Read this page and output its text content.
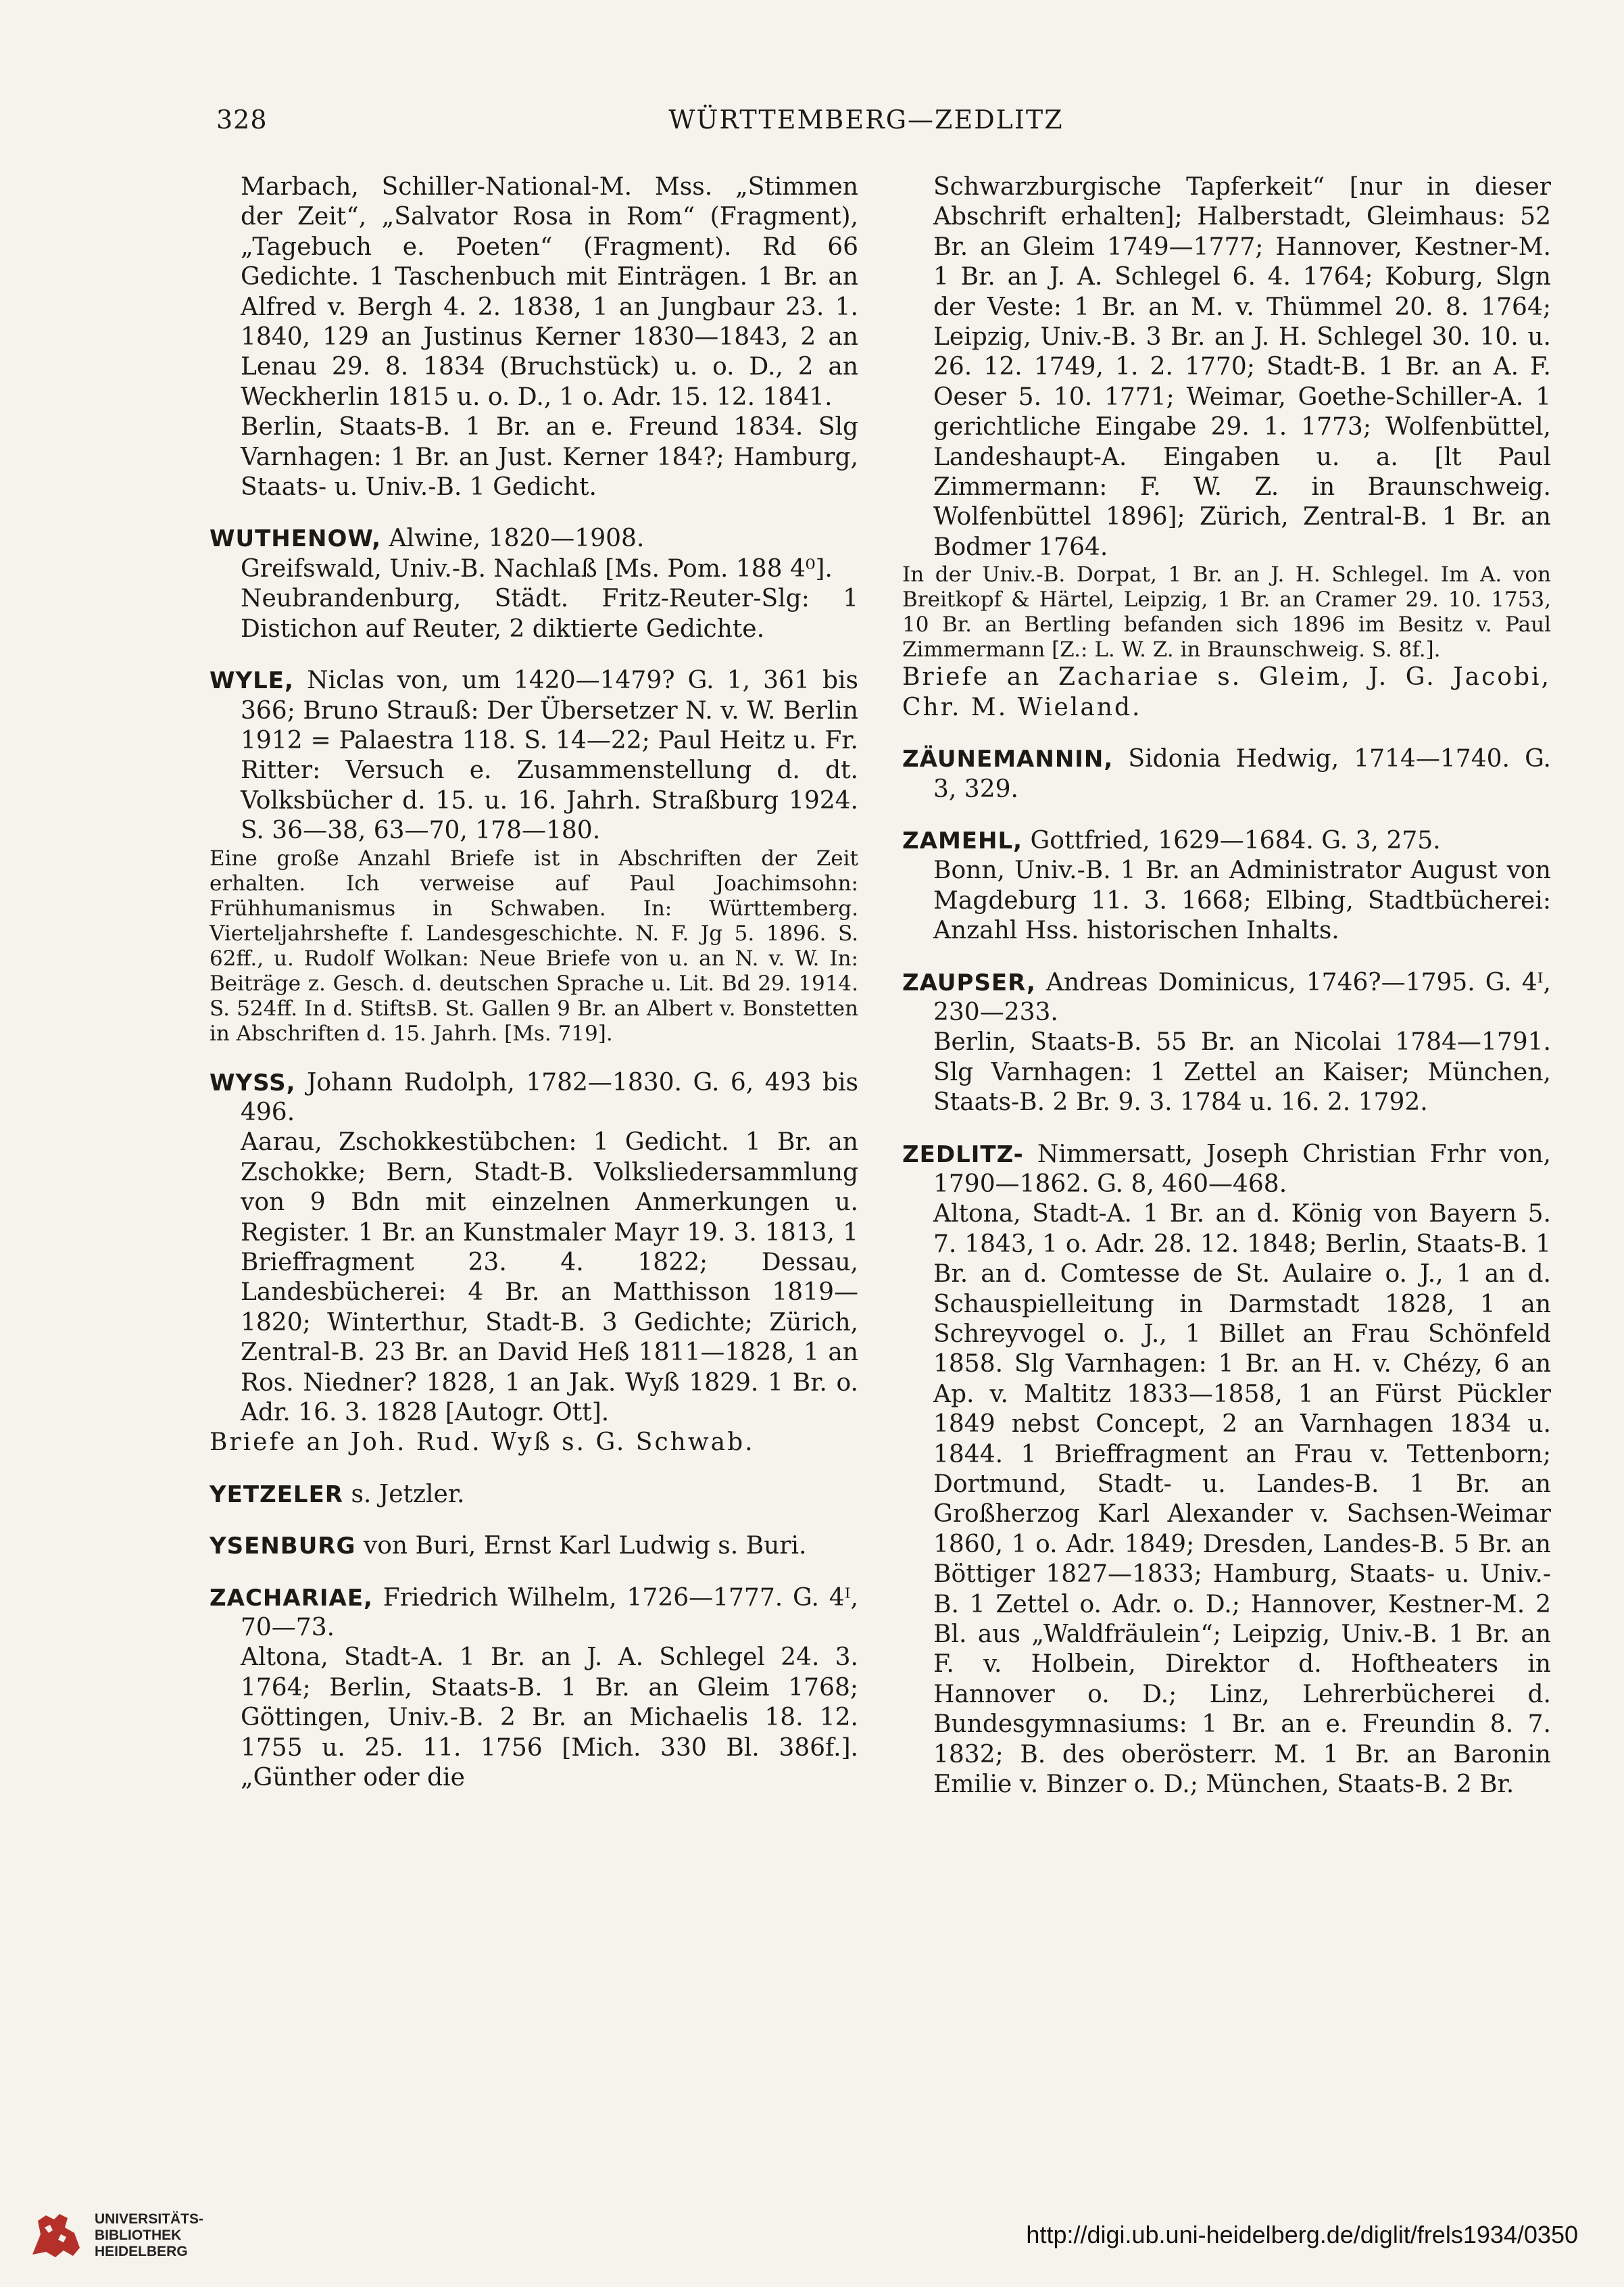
328	WÜRTTEMBERG—ZEDLITZ

Marbach, Schiller-National-M. Mss. „Stimmen der Zeit“, „Salvator Rosa in Rom“ (Fragment), „Tagebuch e. Poeten“ (Fragment). Rd 66 Gedichte. 1 Taschenbuch mit Einträgen. 1 Br. an Alfred v. Bergh 4. 2. 1838, 1 an Jungbaur 23. 1. 1840, 129 an Justinus Kerner 1830—1843, 2 an Lenau 29. 8. 1834 (Bruchstück) u. o. D., 2 an Weckherlin 1815 u. o. D., 1 o. Adr. 15. 12. 1841.

Berlin, Staats-B. 1 Br. an e. Freund 1834. Slg Varnhagen: 1 Br. an Just. Kerner 184?; Hamburg, Staats- u. Univ.-B. 1 Gedicht.

WUTHENOW, Alwine, 1820—1908.

Greifswald, Univ.-B. Nachlaß [Ms. Pom. 188 4⁰].

Neubrandenburg, Städt. Fritz-Reuter-Slg: 1 Distichon auf Reuter, 2 diktierte Gedichte.

WYLE, Niclas von, um 1420—1479? G. 1, 361 bis 366; Bruno Strauß: Der Übersetzer N. v. W. Berlin 1912 = Palaestra 118. S. 14—22; Paul Heitz u. Fr. Ritter: Versuch e. Zusammenstellung d. dt. Volksbücher d. 15. u. 16. Jahrh. Straßburg 1924. S. 36—38, 63—70, 178—180.

Eine große Anzahl Briefe ist in Abschriften der Zeit erhalten. Ich verweise auf Paul Joachimsohn: Frühhumanismus in Schwaben. In: Württemberg. Vierteljahrshefte f. Landesgeschichte. N. F. Jg 5. 1896. S. 62ff., u. Rudolf Wolkan: Neue Briefe von u. an N. v. W. In: Beiträge z. Gesch. d. deutschen Sprache u. Lit. Bd 29. 1914. S. 524ff. In d. StiftsB. St. Gallen 9 Br. an Albert v. Bonstetten in Abschriften d. 15. Jahrh. [Ms. 719].

WYSS, Johann Rudolph, 1782—1830. G. 6, 493 bis 496.

Aarau, Zschokkestübchen: 1 Gedicht. 1 Br. an Zschokke; Bern, Stadt-B. Volksliedersammlung von 9 Bdn mit einzelnen Anmerkungen u. Register. 1 Br. an Kunstmaler Mayr 19. 3. 1813, 1 Brieffragment 23. 4. 1822; Dessau, Landesbücherei: 4 Br. an Matthisson 1819—1820; Winterthur, Stadt-B. 3 Gedichte; Zürich, Zentral-B. 23 Br. an David Heß 1811—1828, 1 an Ros. Niedner? 1828, 1 an Jak. Wyß 1829. 1 Br. o. Adr. 16. 3. 1828 [Autogr. Ott].

Briefe an Joh. Rud. Wyß s. G. Schwab.

YETZELER s. Jetzler.

YSENBURG von Buri, Ernst Karl Ludwig s. Buri.

ZACHARIAE, Friedrich Wilhelm, 1726—1777. G. 4ᴵ, 70—73.

Altona, Stadt-A. 1 Br. an J. A. Schlegel 24. 3. 1764; Berlin, Staats-B. 1 Br. an Gleim 1768; Göttingen, Univ.-B. 2 Br. an Michaelis 18. 12. 1755 u. 25. 11. 1756 [Mich. 330 Bl. 386f.]. „Günther oder die

Schwarzburgische Tapferkeit“ [nur in dieser Abschrift erhalten]; Halberstadt, Gleimhaus: 52 Br. an Gleim 1749—1777; Hannover, Kestner-M. 1 Br. an J. A. Schlegel 6. 4. 1764; Koburg, Slgn der Veste: 1 Br. an M. v. Thümmel 20. 8. 1764; Leipzig, Univ.-B. 3 Br. an J. H. Schlegel 30. 10. u. 26. 12. 1749, 1. 2. 1770; Stadt-B. 1 Br. an A. F. Oeser 5. 10. 1771; Weimar, Goethe-Schiller-A. 1 gerichtliche Eingabe 29. 1. 1773; Wolfenbüttel, Landeshaupt-A. Eingaben u. a. [lt Paul Zimmermann: F. W. Z. in Braunschweig. Wolfenbüttel 1896]; Zürich, Zentral-B. 1 Br. an Bodmer 1764.

In der Univ.-B. Dorpat, 1 Br. an J. H. Schlegel. Im A. von Breitkopf & Härtel, Leipzig, 1 Br. an Cramer 29. 10. 1753, 10 Br. an Bertling befanden sich 1896 im Besitz v. Paul Zimmermann [Z.: L. W. Z. in Braunschweig. S. 8f.].

Briefe an Zachariae s. Gleim, J. G. Jacobi, Chr. M. Wieland.

ZÄUNEMANNIN, Sidonia Hedwig, 1714—1740. G. 3, 329.

ZAMEHL, Gottfried, 1629—1684. G. 3, 275.

Bonn, Univ.-B. 1 Br. an Administrator August von Magdeburg 11. 3. 1668; Elbing, Stadtbücherei: Anzahl Hss. historischen Inhalts.

ZAUPSER, Andreas Dominicus, 1746?—1795. G. 4ᴵ, 230—233.

Berlin, Staats-B. 55 Br. an Nicolai 1784—1791. Slg Varnhagen: 1 Zettel an Kaiser; München, Staats-B. 2 Br. 9. 3. 1784 u. 16. 2. 1792.

ZEDLITZ- Nimmersatt, Joseph Christian Frhr von, 1790—1862. G. 8, 460—468.

Altona, Stadt-A. 1 Br. an d. König von Bayern 5. 7. 1843, 1 o. Adr. 28. 12. 1848; Berlin, Staats-B. 1 Br. an d. Comtesse de St. Aulaire o. J., 1 an d. Schauspielleitung in Darmstadt 1828, 1 an Schreyvogel o. J., 1 Billet an Frau Schönfeld 1858. Slg Varnhagen: 1 Br. an H. v. Chézy, 6 an Ap. v. Maltitz 1833—1858, 1 an Fürst Pückler 1849 nebst Concept, 2 an Varnhagen 1834 u. 1844. 1 Brieffragment an Frau v. Tettenborn; Dortmund, Stadt- u. Landes-B. 1 Br. an Großherzog Karl Alexander v. Sachsen-Weimar 1860, 1 o. Adr. 1849; Dresden, Landes-B. 5 Br. an Böttiger 1827—1833; Hamburg, Staats- u. Univ.-B. 1 Zettel o. Adr. o. D.; Hannover, Kestner-M. 2 Bl. aus „Waldfräulein“; Leipzig, Univ.-B. 1 Br. an F. v. Holbein, Direktor d. Hoftheaters in Hannover o. D.; Linz, Lehrerbücherei d. Bundesgymnasiums: 1 Br. an e. Freundin 8. 7. 1832; B. des oberösterr. M. 1 Br. an Baronin Emilie v. Binzer o. D.; München, Staats-B. 2 Br.

UNIVERSITÄTS-
BIBLIOTHEK
HEIDELBERG
http://digi.ub.uni-heidelberg.de/diglit/frels1934/0350
